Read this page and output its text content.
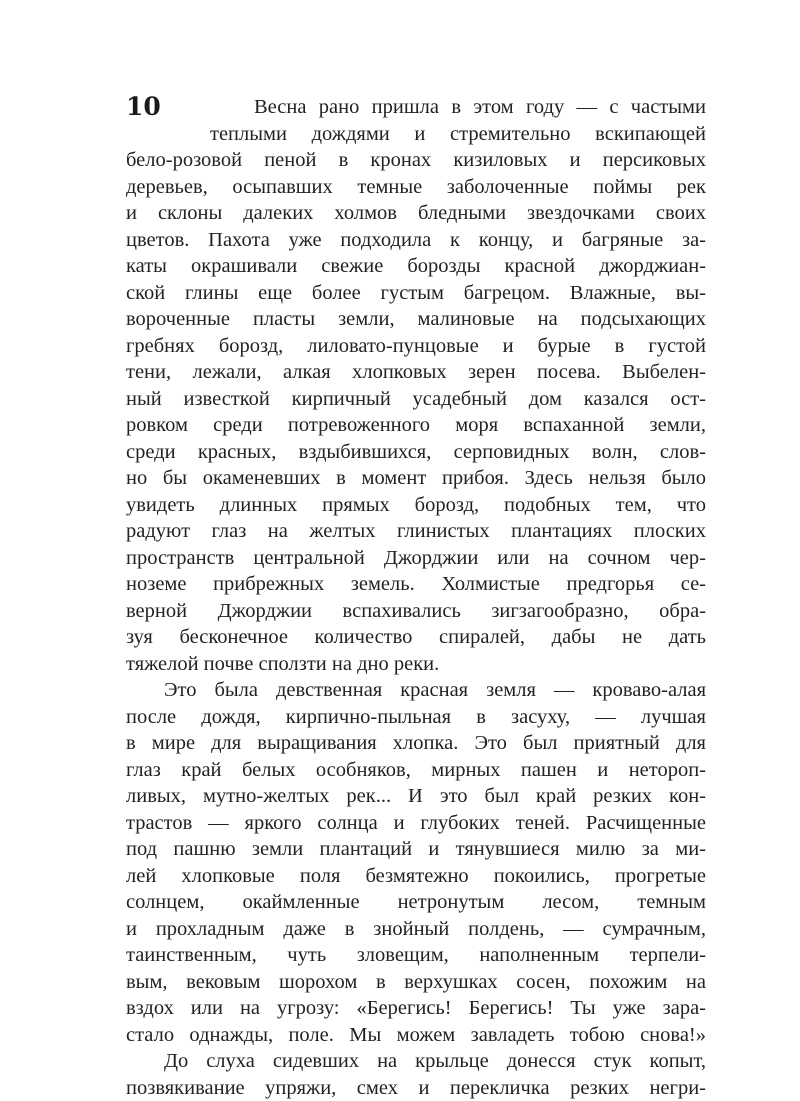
10	Весна рано пришла в этом году — с частыми
теплыми дождями и стремительно вскипающей
бело-розовой пеной в кронах кизиловых и персиковых
деревьев, осыпавших темные заболоченные поймы рек
и склоны далеких холмов бледными звездочками своих
цветов. Пахота уже подходила к концу, и багряные за-
каты окрашивали свежие борозды красной джорджиан-
ской глины еще более густым багрецом. Влажные, вы-
вороченные пласты земли, малиновые на подсыхающих
гребнях борозд, лиловато-пунцовые и бурые в густой
тени, лежали, алкая хлопковых зерен посева. Выбелен-
ный известкой кирпичный усадебный дом казался ост-
ровком среди потревоженного моря вспаханной земли,
среди красных, вздыбившихся, серповидных волн, слов-
но бы окаменевших в момент прибоя. Здесь нельзя было
увидеть длинных прямых борозд, подобных тем, что
радуют глаз на желтых глинистых плантациях плоских
пространств центральной Джорджии или на сочном чер-
ноземе прибрежных земель. Холмистые предгорья се-
верной Джорджии вспахивались зигзагообразно, обра-
зуя бесконечное количество спиралей, дабы не дать
тяжелой почве сползти на дно реки.
Это была девственная красная земля — кроваво-алая
после дождя, кирпично-пыльная в засуху, — лучшая
в мире для выращивания хлопка. Это был приятный для
глаз край белых особняков, мирных пашен и нетороп-
ливых, мутно-желтых рек... И это был край резких кон-
трастов — яркого солнца и глубоких теней. Расчищенные
под пашню земли плантаций и тянувшиеся милю за ми-
лей хлопковые поля безмятежно покоились, прогретые
солнцем, окаймленные нетронутым лесом, темным
и прохладным даже в знойный полдень, — сумрачным,
таинственным, чуть зловещим, наполненным терпели-
вым, вековым шорохом в верхушках сосен, похожим на
вздох или на угрозу: «Берегись! Берегись! Ты уже зара-
стало однажды, поле. Мы можем завладеть тобою снова!»
До слуха сидевших на крыльце донесся стук копыт,
позвякивание упряжи, смех и перекличка резких негри-
